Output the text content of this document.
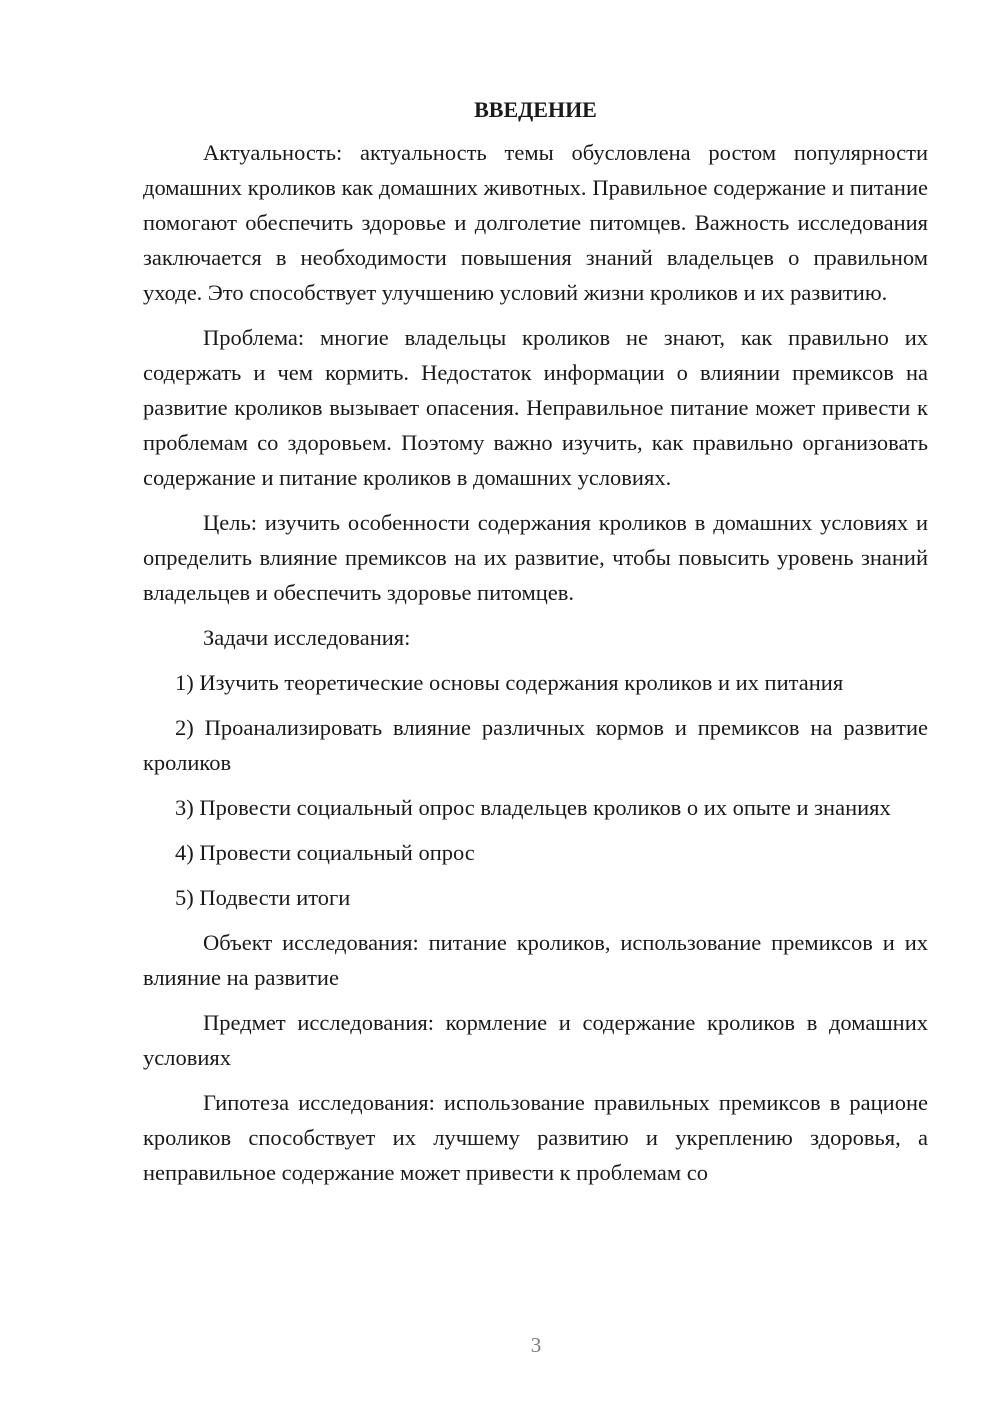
ВВЕДЕНИЕ

Актуальность: актуальность темы обусловлена ростом популярности домашних кроликов как домашних животных. Правильное содержание и питание помогают обеспечить здоровье и долголетие питомцев. Важность исследования заключается в необходимости повышения знаний владельцев о правильном уходе. Это способствует улучшению условий жизни кроликов и их развитию.

Проблема: многие владельцы кроликов не знают, как правильно их содержать и чем кормить. Недостаток информации о влиянии премиксов на развитие кроликов вызывает опасения. Неправильное питание может привести к проблемам со здоровьем. Поэтому важно изучить, как правильно организовать содержание и питание кроликов в домашних условиях.

Цель: изучить особенности содержания кроликов в домашних условиях и определить влияние премиксов на их развитие, чтобы повысить уровень знаний владельцев и обеспечить здоровье питомцев.

Задачи исследования:

1) Изучить теоретические основы содержания кроликов и их питания

2) Проанализировать влияние различных кормов и премиксов на развитие кроликов

3) Провести социальный опрос владельцев кроликов о их опыте и знаниях

4) Провести социальный опрос

5) Подвести итоги

Объект исследования: питание кроликов, использование премиксов и их влияние на развитие

Предмет исследования: кормление и содержание кроликов в домашних условиях

Гипотеза исследования: использование правильных премиксов в рационе кроликов способствует их лучшему развитию и укреплению здоровья, а неправильное содержание может привести к проблемам со

3
